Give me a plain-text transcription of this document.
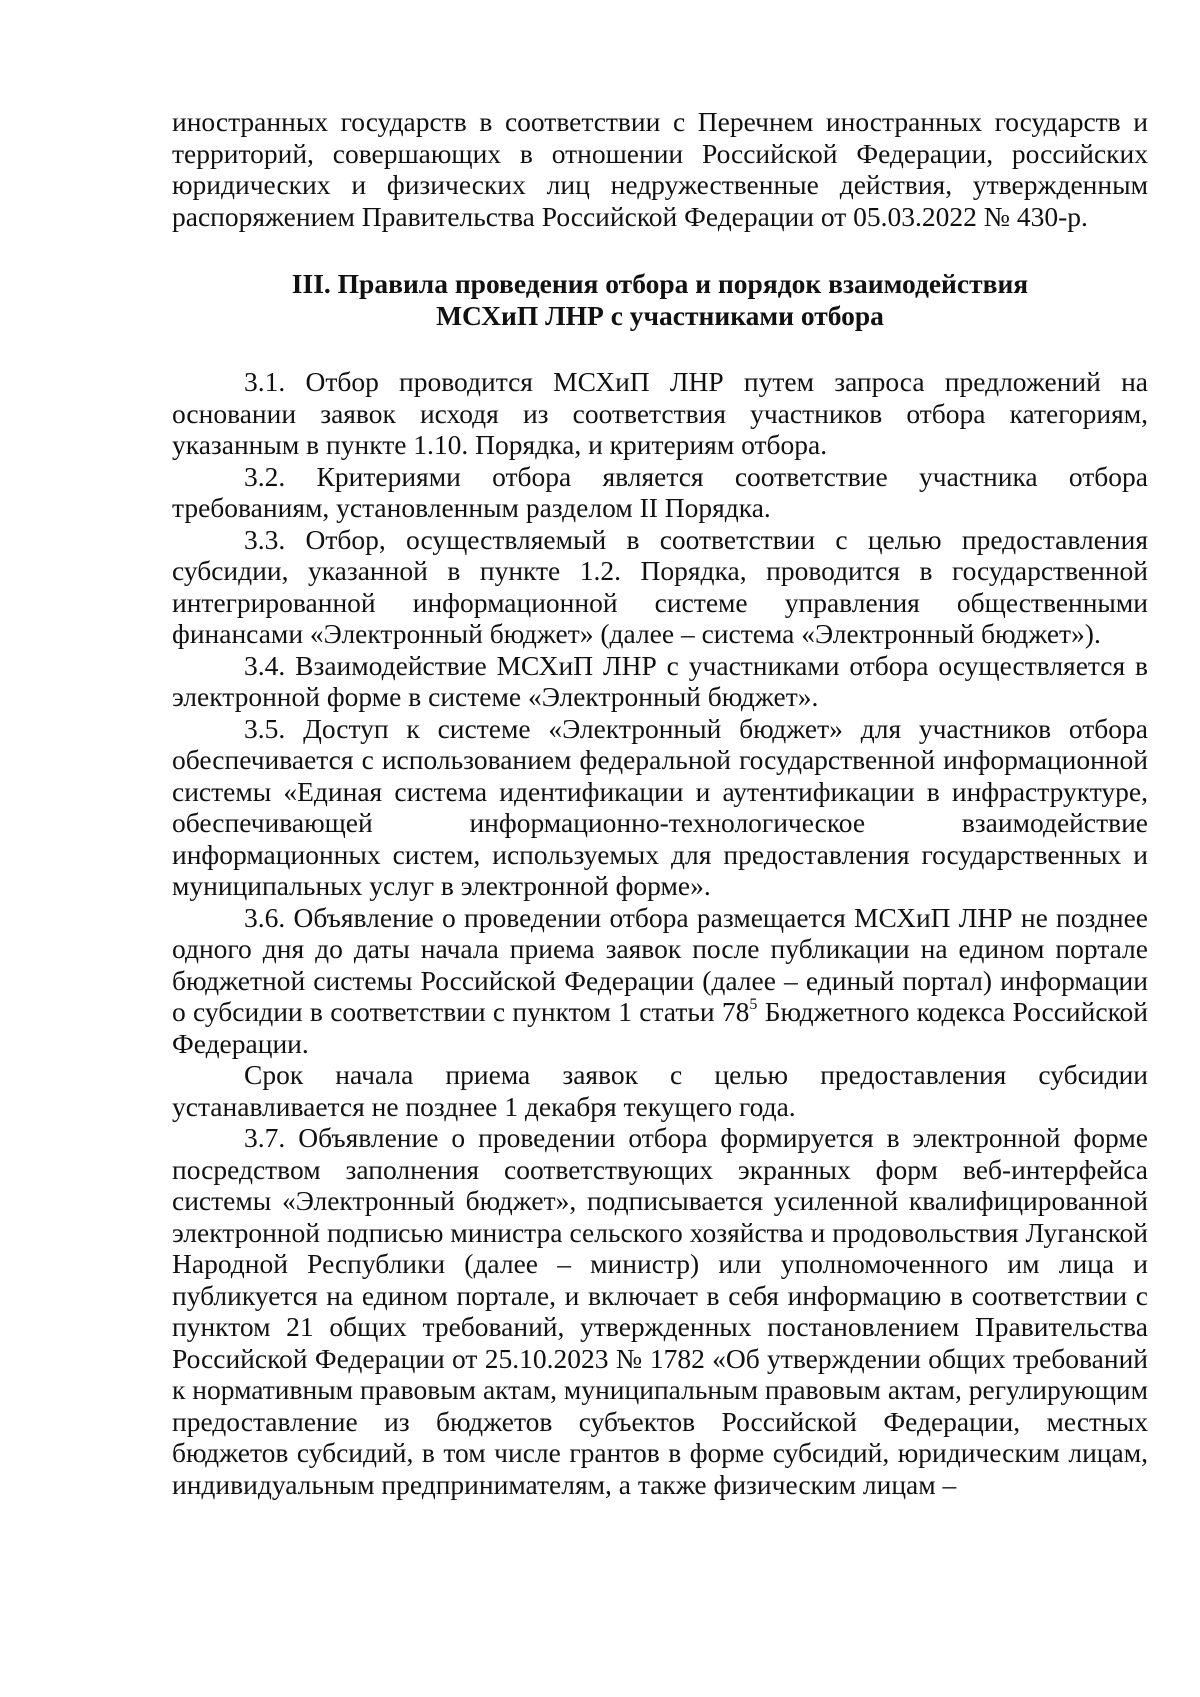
иностранных государств в соответствии с Перечнем иностранных государств и территорий, совершающих в отношении Российской Федерации, российских юридических и физических лиц недружественные действия, утвержденным распоряжением Правительства Российской Федерации от 05.03.2022 № 430-р.

III. Правила проведения отбора и порядок взаимодействия
МСХиП ЛНР с участниками отбора

3.1. Отбор проводится МСХиП ЛНР путем запроса предложений на основании заявок исходя из соответствия участников отбора категориям, указанным в пункте 1.10. Порядка, и критериям отбора.

3.2. Критериями отбора является соответствие участника отбора требованиям, установленным разделом II Порядка.

3.3. Отбор, осуществляемый в соответствии с целью предоставления субсидии, указанной в пункте 1.2. Порядка, проводится в государственной интегрированной информационной системе управления общественными финансами «Электронный бюджет» (далее – система «Электронный бюджет»).

3.4. Взаимодействие МСХиП ЛНР с участниками отбора осуществляется в электронной форме в системе «Электронный бюджет».

3.5. Доступ к системе «Электронный бюджет» для участников отбора обеспечивается с использованием федеральной государственной информационной системы «Единая система идентификации и аутентификации в инфраструктуре, обеспечивающей информационно-технологическое взаимодействие информационных систем, используемых для предоставления государственных и муниципальных услуг в электронной форме».

3.6. Объявление о проведении отбора размещается МСХиП ЛНР не позднее одного дня до даты начала приема заявок после публикации на едином портале бюджетной системы Российской Федерации (далее – единый портал) информации о субсидии в соответствии с пунктом 1 статьи $78^5$ Бюджетного кодекса Российской Федерации.

Срок начала приема заявок с целью предоставления субсидии устанавливается не позднее 1 декабря текущего года.

3.7. Объявление о проведении отбора формируется в электронной форме посредством заполнения соответствующих экранных форм веб-интерфейса системы «Электронный бюджет», подписывается усиленной квалифицированной электронной подписью министра сельского хозяйства и продовольствия Луганской Народной Республики (далее – министр) или уполномоченного им лица и публикуется на едином портале, и включает в себя информацию в соответствии с пунктом 21 общих требований, утвержденных постановлением Правительства Российской Федерации от 25.10.2023 № 1782 «Об утверждении общих требований к нормативным правовым актам, муниципальным правовым актам, регулирующим предоставление из бюджетов субъектов Российской Федерации, местных бюджетов субсидий, в том числе грантов в форме субсидий, юридическим лицам, индивидуальным предпринимателям, а также физическим лицам –
